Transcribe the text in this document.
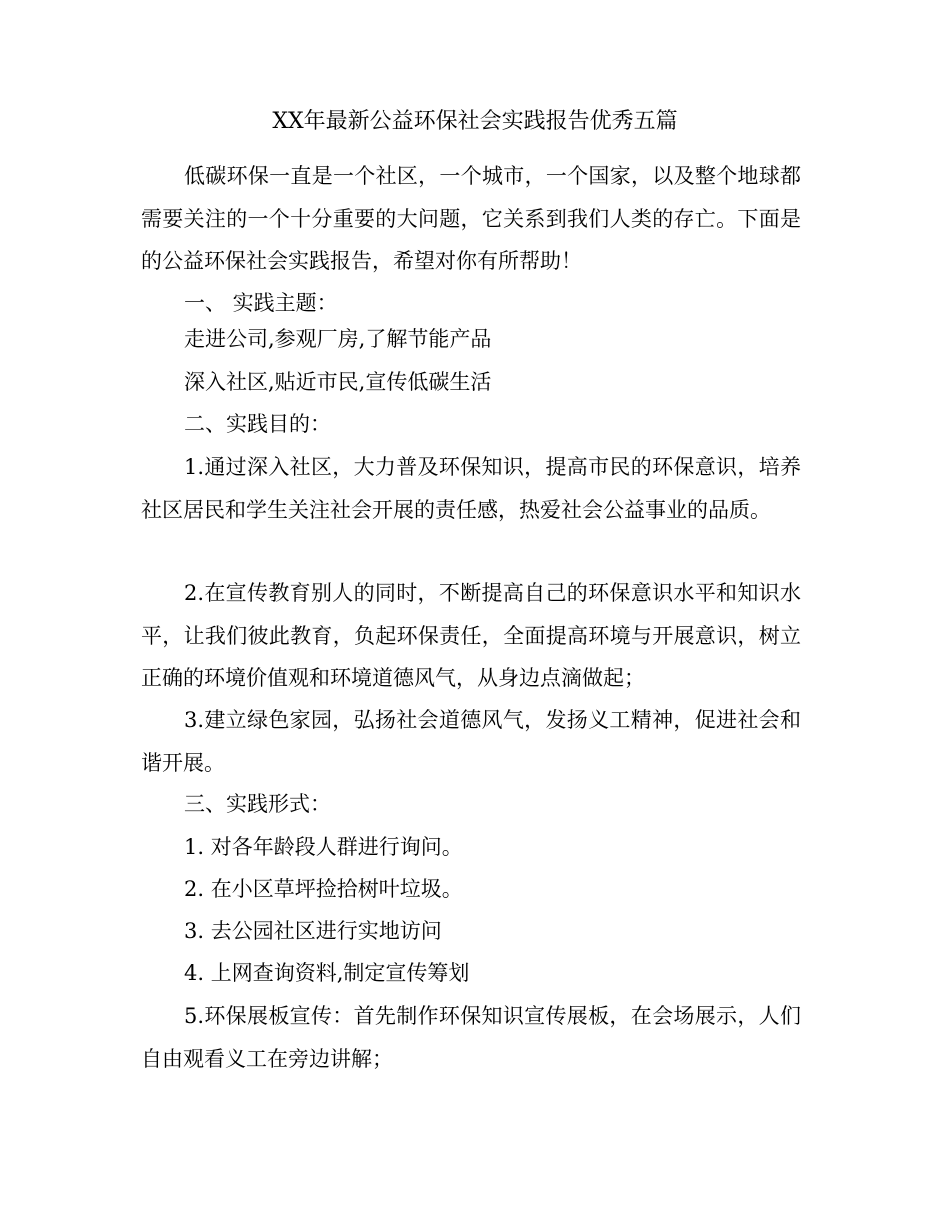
XX年最新公益环保社会实践报告优秀五篇

低碳环保一直是一个社区，一个城市，一个国家，以及整个地球都需要关注的一个十分重要的大问题，它关系到我们人类的存亡。下面是的公益环保社会实践报告，希望对你有所帮助！

一、 实践主题：

走进公司,参观厂房,了解节能产品

深入社区,贴近市民,宣传低碳生活

二、实践目的：

1.通过深入社区，大力普及环保知识，提高市民的环保意识，培养社区居民和学生关注社会开展的责任感，热爱社会公益事业的品质。

2.在宣传教育别人的同时，不断提高自己的环保意识水平和知识水平，让我们彼此教育，负起环保责任，全面提高环境与开展意识，树立正确的环境价值观和环境道德风气，从身边点滴做起；

3.建立绿色家园，弘扬社会道德风气，发扬义工精神，促进社会和谐开展。

三、实践形式：

1. 对各年龄段人群进行询问。

2. 在小区草坪捡拾树叶垃圾。

3. 去公园社区进行实地访问

4. 上网查询资料,制定宣传筹划

5.环保展板宣传：首先制作环保知识宣传展板，在会场展示，人们自由观看义工在旁边讲解；
